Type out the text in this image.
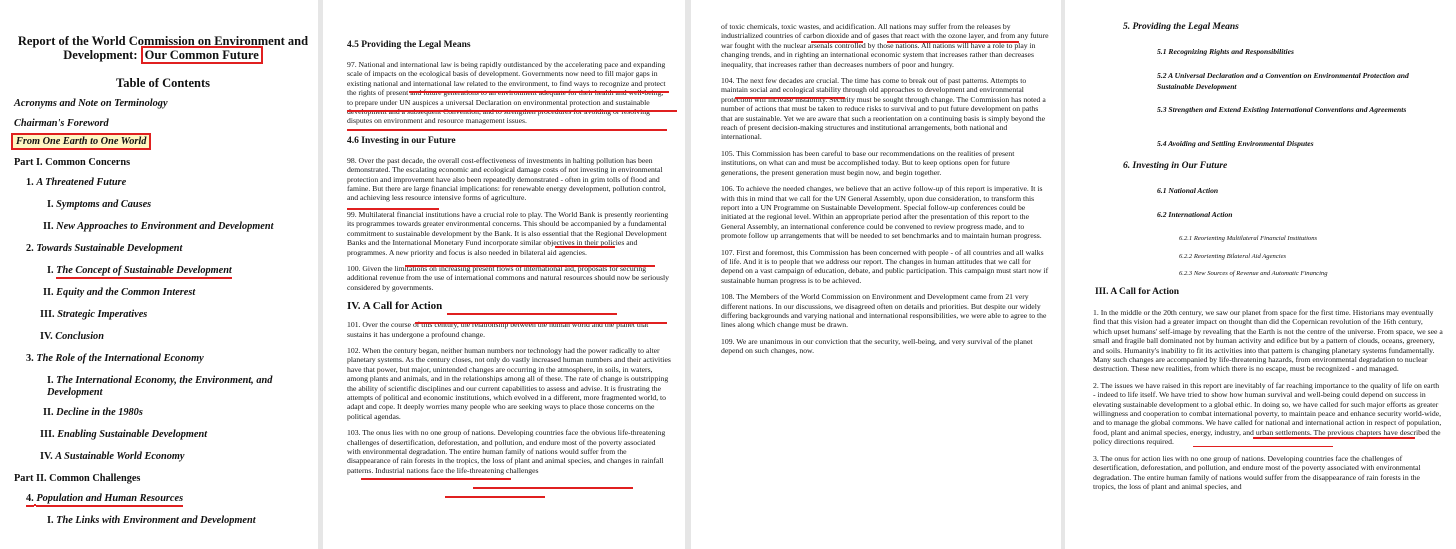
Report of the World Commission on Environment and
Development: Our Common Future
Table of Contents
Acronyms and Note on Terminology
Chairman's Foreword
From One Earth to One World
Part I. Common Concerns
1. A Threatened Future
I. Symptoms and Causes
II. New Approaches to Environment and Development
2. Towards Sustainable Development
I. The Concept of Sustainable Development
II. Equity and the Common Interest
III. Strategic Imperatives
IV. Conclusion
3. The Role of the International Economy
I. The International Economy, the Environment, and Development
II. Decline in the 1980s
III. Enabling Sustainable Development
IV. A Sustainable World Economy
Part II. Common Challenges
4. Population and Human Resources
I. The Links with Environment and Development
4.5 Providing the Legal Means

97. National and international law is being rapidly outdistanced by the accelerating pace and expanding scale of impacts on the ecological basis of development. Governments now need to fill major gaps in existing national and international law related to the environment, to find ways to recognize and protect the rights of present and future generations to an environment adequate for their health and well-being, to prepare under UN auspices a universal Declaration on environmental protection and sustainable development and a subsequent Convention, and to strengthen procedures for avoiding or resolving disputes on environment and resource management issues.

4.6 Investing in our Future

98. Over the past decade, the overall cost-effectiveness of investments in halting pollution has been demonstrated. The escalating economic and ecological damage costs of not investing in environmental protection and improvement have also been repeatedly demonstrated - often in grim tolls of flood and famine. But there are large financial implications: for renewable energy development, pollution control, and achieving less resource intensive forms of agriculture.

99. Multilateral financial institutions have a crucial role to play. The World Bank is presently reorienting its programmes towards greater environmental concerns. This should be accompanied by a fundamental commitment to sustainable development by the Bank. It is also essential that the Regional Development Banks and the International Monetary Fund incorporate similar objectives in their policies and programmes. A new priority and focus is also needed in bilateral aid agencies.

100. Given the limitations on increasing present flows of international aid, proposals for securing additional revenue from the use of international commons and natural resources should now be seriously considered by governments.

IV. A Call for Action

101. Over the course of this century, the relationship between the human world and the planet that sustains it has undergone a profound change.

102. When the century began, neither human numbers nor technology had the power radically to alter planetary systems. As the century closes, not only do vastly increased human numbers and their activities have that power, but major, unintended changes are occurring in the atmosphere, in soils, in waters, among plants and animals, and in the relationships among all of these. The rate of change is outstripping the ability of scientific disciplines and our current capabilities to assess and advise. It is frustrating the attempts of political and economic institutions, which evolved in a different, more fragmented world, to adapt and cope. It deeply worries many people who are seeking ways to place those concerns on the political agendas.

103. The onus lies with no one group of nations. Developing countries face the obvious life-threatening challenges of desertification, deforestation, and pollution, and endure most of the poverty associated with environmental degradation. The entire human family of nations would suffer from the disappearance of rain forests in the tropics, the loss of plant and animal species, and changes in rainfall patterns. Industrial nations face the life-threatening challenges

of toxic chemicals, toxic wastes, and acidification. All nations may suffer from the releases by industrialized countries of carbon dioxide and of gases that react with the ozone layer, and from any future war fought with the nuclear arsenals controlled by those nations. All nations will have a role to play in changing trends, and in righting an international economic system that increases rather than decreases inequality, that increases rather than decreases numbers of poor and hungry.

104. The next few decades are crucial. The time has come to break out of past patterns. Attempts to maintain social and ecological stability through old approaches to development and environmental protection will increase instability. Security must be sought through change. The Commission has noted a number of actions that must be taken to reduce risks to survival and to put future development on paths that are sustainable. Yet we are aware that such a reorientation on a continuing basis is simply beyond the reach of present decision-making structures and institutional arrangements, both national and international.

105. This Commission has been careful to base our recommendations on the realities of present institutions, on what can and must be accomplished today. But to keep options open for future generations, the present generation must begin now, and begin together.

106. To achieve the needed changes, we believe that an active follow-up of this report is imperative. It is with this in mind that we call for the UN General Assembly, upon due consideration, to transform this report into a UN Programme on Sustainable Development. Special follow-up conferences could be initiated at the regional level. Within an appropriate period after the presentation of this report to the General Assembly, an international conference could be convened to review progress made, and to promote follow up arrangements that will be needed to set benchmarks and to maintain human progress.

107. First and foremost, this Commission has been concerned with people - of all countries and all walks of life. And it is to people that we address our report. The changes in human attitudes that we call for depend on a vast campaign of education, debate, and public participation. This campaign must start now if sustainable human progress is to be achieved.

108. The Members of the World Commission on Environment and Development came from 21 very different nations. In our discussions, we disagreed often on details and priorities. But despite our widely differing backgrounds and varying national and international responsibilities, we were able to agree to the lines along which change must be drawn.

109. We are unanimous in our conviction that the security, well-being, and very survival of the planet depend on such changes, now.

5. Providing the Legal Means
5.1 Recognizing Rights and Responsibilities
5.2 A Universal Declaration and a Convention on Environmental Protection and Sustainable Development
5.3 Strengthen and Extend Existing International Conventions and Agreements
5.4 Avoiding and Settling Environmental Disputes
6. Investing in Our Future
6.1 National Action
6.2 International Action
6.2.1 Reorienting Multilateral Financial Institutions
6.2.2 Reorienting Bilateral Aid Agencies
6.2.3 New Sources of Revenue and Automatic Financing
III. A Call for Action

1. In the middle or the 20th century, we saw our planet from space for the first time. Historians may eventually find that this vision had a greater impact on thought than did the Copernican revolution of the 16th century, which upset humans' self-image by revealing that the Earth is not the centre of the universe. From space, we see a small and fragile ball dominated not by human activity and edifice but by a pattern of clouds, oceans, greenery, and soils. Humanity's inability to fit its activities into that pattern is changing planetary systems fundamentally. Many such changes are accompanied by life-threatening hazards, from environmental degradation to nuclear destruction. These new realities, from which there is no escape, must be recognized - and managed.

2. The issues we have raised in this report are inevitably of far reaching importance to the quality of life on earth - indeed to life itself. We have tried to show how human survival and well-being could depend on success in elevating sustainable development to a global ethic. In doing so, we have called for such major efforts as greater willingness and cooperation to combat international poverty, to maintain peace and enhance security world-wide, and to manage the global commons. We have called for national and international action in respect of population, food, plant and animal species, energy, industry, and urban settlements. The previous chapters have described the policy directions required.

3. The onus for action lies with no one group of nations. Developing countries face the challenges of desertification, deforestation, and pollution, and endure most of the poverty associated with environmental degradation. The entire human family of nations would suffer from the disappearance of rain forests in the tropics, the loss of plant and animal species, and
